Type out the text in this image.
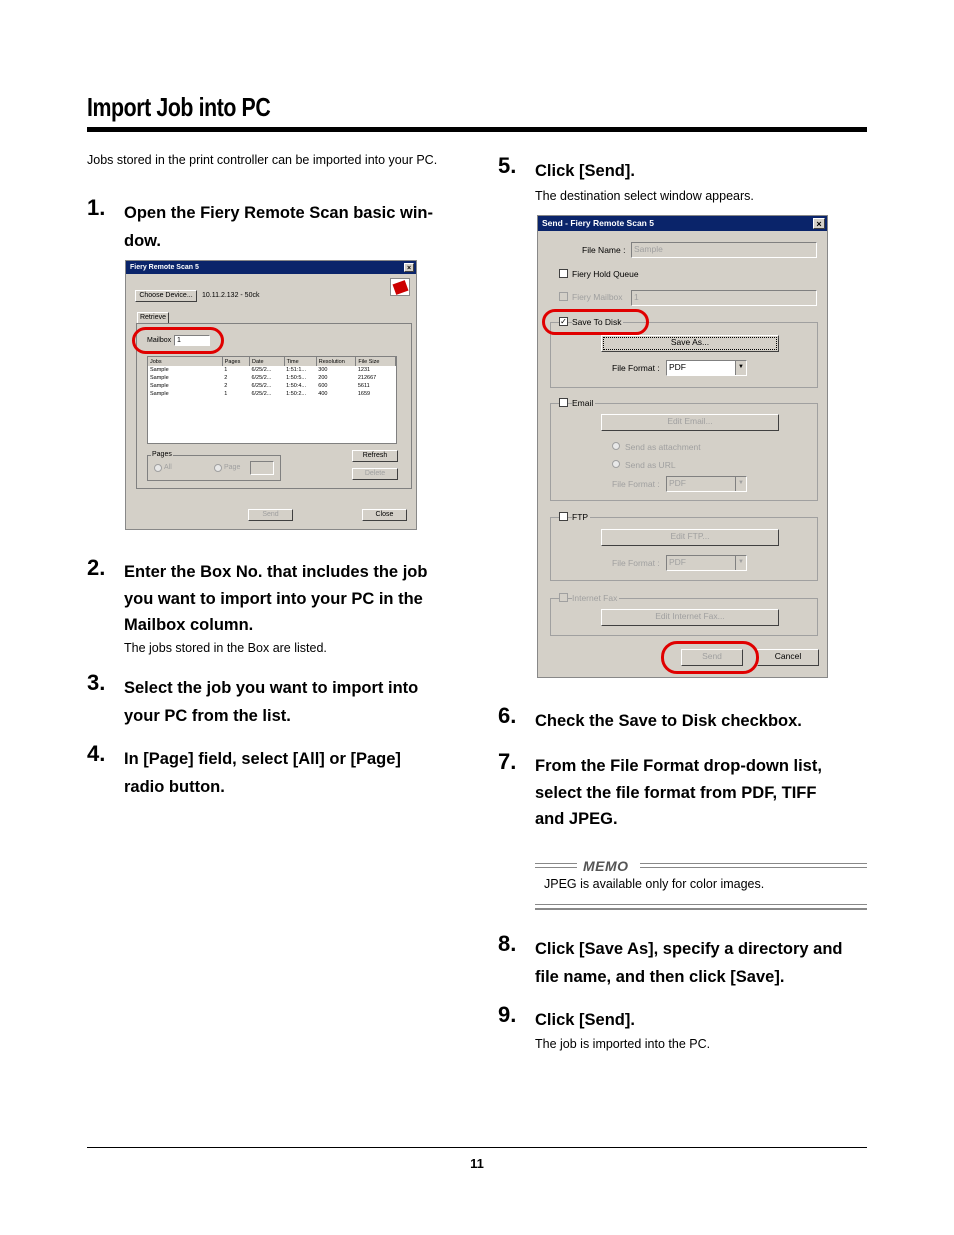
Import Job into PC
Jobs stored in the print controller can be imported into your PC.
1. Open the Fiery Remote Scan basic win-
dow.
Fiery Remote Scan 5	×
Choose Device...	10.11.2.132 - 50ck
Retrieve
Mailbox 1
Jobs	Pages	Date	Time	Resolution	File Size
Sample	1	6/25/2...	1:51:1...	300	1231
Sample	2	6/25/2...	1:50:5...	200	212667
Sample	2	6/25/2...	1:50:4...	600	5611
Sample	1	6/25/2...	1:50:2...	400	1659
Pages
All	Page
Refresh
Delete
Send	Close
2. Enter the Box No. that includes the job
you want to import into your PC in the
Mailbox column.
The jobs stored in the Box are listed.
3. Select the job you want to import into
your PC from the list.
4. In [Page] field, select [All] or [Page]
radio button.
5. Click [Send].
The destination select window appears.
Send - Fiery Remote Scan 5	×
File Name :	Sample
Fiery Hold Queue
Fiery Mailbox	1
✓ Save To Disk
Save As...
File Format :	PDF	▼
Email
Edit Email...
Send as attachment
Send as URL
File Format :	PDF	▼
FTP
Edit FTP...
File Format :	PDF	▼
Internet Fax
Edit Internet Fax...
Send	Cancel
6. Check the Save to Disk checkbox.
7. From the File Format drop-down list,
select the file format from PDF, TIFF
and JPEG.
MEMO
JPEG is available only for color images.
8. Click [Save As], specify a directory and
file name, and then click [Save].
9. Click [Send].
The job is imported into the PC.
11
